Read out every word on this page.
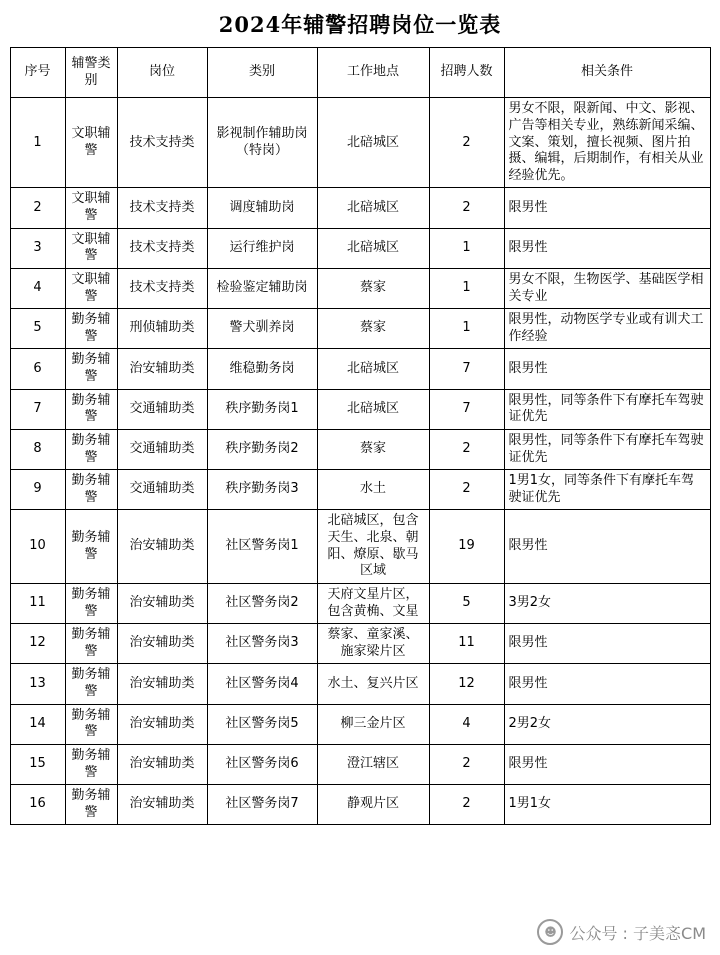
2024年辅警招聘岗位一览表
序号	辅警类别	岗位	类别	工作地点	招聘人数	相关条件
1	文职辅警	技术支持类	影视制作辅助岗（特岗）	北碚城区	2	男女不限，限新闻、中文、影视、广告等相关专业，熟练新闻采编、文案、策划，擅长视频、图片拍摄、编辑，后期制作，有相关从业经验优先。
2	文职辅警	技术支持类	调度辅助岗	北碚城区	2	限男性
3	文职辅警	技术支持类	运行维护岗	北碚城区	1	限男性
4	文职辅警	技术支持类	检验鉴定辅助岗	蔡家	1	男女不限，生物医学、基础医学相关专业
5	勤务辅警	刑侦辅助类	警犬驯养岗	蔡家	1	限男性，动物医学专业或有训犬工作经验
6	勤务辅警	治安辅助类	维稳勤务岗	北碚城区	7	限男性
7	勤务辅警	交通辅助类	秩序勤务岗1	北碚城区	7	限男性，同等条件下有摩托车驾驶证优先
8	勤务辅警	交通辅助类	秩序勤务岗2	蔡家	2	限男性，同等条件下有摩托车驾驶证优先
9	勤务辅警	交通辅助类	秩序勤务岗3	水土	2	1男1女，同等条件下有摩托车驾驶证优先
10	勤务辅警	治安辅助类	社区警务岗1	北碚城区，包含天生、北泉、朝阳、燎原、歇马区域	19	限男性
11	勤务辅警	治安辅助类	社区警务岗2	天府文星片区，包含黄桷、文星	5	3男2女
12	勤务辅警	治安辅助类	社区警务岗3	蔡家、童家溪、施家梁片区	11	限男性
13	勤务辅警	治安辅助类	社区警务岗4	水土、复兴片区	12	限男性
14	勤务辅警	治安辅助类	社区警务岗5	柳三金片区	4	2男2女
15	勤务辅警	治安辅助类	社区警务岗6	澄江辖区	2	限男性
16	勤务辅警	治安辅助类	社区警务岗7	静观片区	2	1男1女
☻ 公众号 : 子美忞CM
